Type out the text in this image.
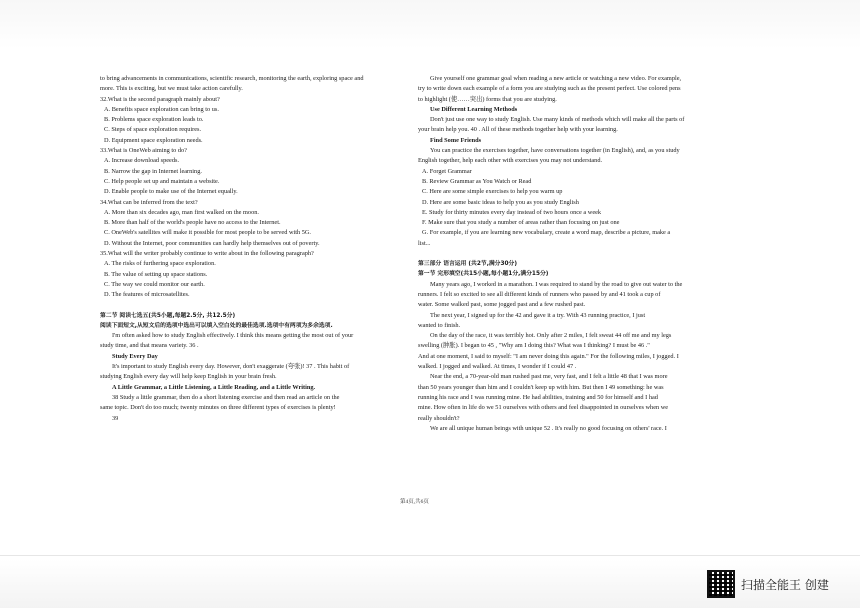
to bring advancements in communications, scientific research, monitoring the earth, exploring space and
more. This is exciting, but we must take action carefully.
32.What is the second paragraph mainly about?
A. Benefits space exploration can bring to us.
B. Problems space exploration leads to.
C. Steps of space exploration requires.
D. Equipment space exploration needs.
33.What is OneWeb aiming to do?
A. Increase download speeds.
B. Narrow the gap in Internet learning.
C. Help people set up and maintain a website.
D. Enable people to make use of the Internet equally.
34.What can be inferred from the text?
A. More than six decades ago, man first walked on the moon.
B. More than half of the world's people have no access to the Internet.
C. OneWeb's satellites will make it possible for most people to be served with 5G.
D. Without the Internet, poor communities can hardly help themselves out of poverty.
35.What will the writer probably continue to write about in the following paragraph?
A. The risks of furthering space exploration.
B. The value of setting up space stations.
C. The way we could monitor our earth.
D. The features of microsatellites.
第二节 阅读七选五(共5小题,每题2.5分, 共12.5分)
阅读下面短文,从短文后的选项中选出可以填入空白处的最佳选项.选项中有两项为多余选项.
I'm often asked how to study English effectively. I think this means getting the most out of your
study time, and that means variety. 36 .
Study Every Day
It's important to study English every day. However, don't exaggerate (夸张)! 37 . This habit of
studying English every day will help keep English in your brain fresh.
A Little Grammar, a Little Listening, a Little Reading, and a Little Writing.
38 Study a little grammar, then do a short listening exercise and then read an article on the
same topic. Don't do too much; twenty minutes on three different types of exercises is plenty!
39
Give yourself one grammar goal when reading a new article or watching a new video. For example,
try to write down each example of a form you are studying such as the present perfect. Use colored pens
to highlight (使……突出) forms that you are studying.
Use Different Learning Methods
Don't just use one way to study English. Use many kinds of methods which will make all the parts of
your brain help you. 40 . All of these methods together help with your learning.
Find Some Friends
You can practice the exercises together, have conversations together (in English), and, as you study
English together, help each other with exercises you may not understand.
A. Forget Grammar
B. Review Grammar as You Watch or Read
C. Here are some simple exercises to help you warm up
D. Here are some basic ideas to help you as you study English
E. Study for thirty minutes every day instead of two hours once a week
F. Make sure that you study a number of areas rather than focusing on just one
G. For example, if you are learning new vocabulary, create a word map, describe a picture, make a
list...
第三部分 语言运用 (共2节,满分30分)
第一节 完形填空(共15小题,每小题1分,满分15分)
Many years ago, I worked in a marathon. I was required to stand by the road to give out water to the
runners. I felt so excited to see all different kinds of runners who passed by and 41 took a cup of
water. Some walked past, some jogged past and a few rushed past.
The next year, I signed up for the 42 and gave it a try. With 43 running practice, I just
wanted to finish.
On the day of the race, it was terribly hot. Only after 2 miles, I felt sweat 44 off me and my legs
swelling (肿胀). I began to 45 , "Why am I doing this? What was I thinking? I must be 46 ."
And at one moment, I said to myself: "I am never doing this again." For the following miles, I jogged. I
walked. I jogged and walked. At times, I wonder if I could 47 .
Near the end, a 70-year-old man rushed past me, very fast, and I felt a little 48 that I was more
than 50 years younger than him and I couldn't keep up with him. But then I 49 something: he was
running his race and I was running mine. He had abilities, training and 50 for himself and I had
mine. How often in life do we 51 ourselves with others and feel disappointed in ourselves when we
really shouldn't?
We are all unique human beings with unique 52 . It's really no good focusing on others' race. I
第4页,共6页
扫描全能王 创建
